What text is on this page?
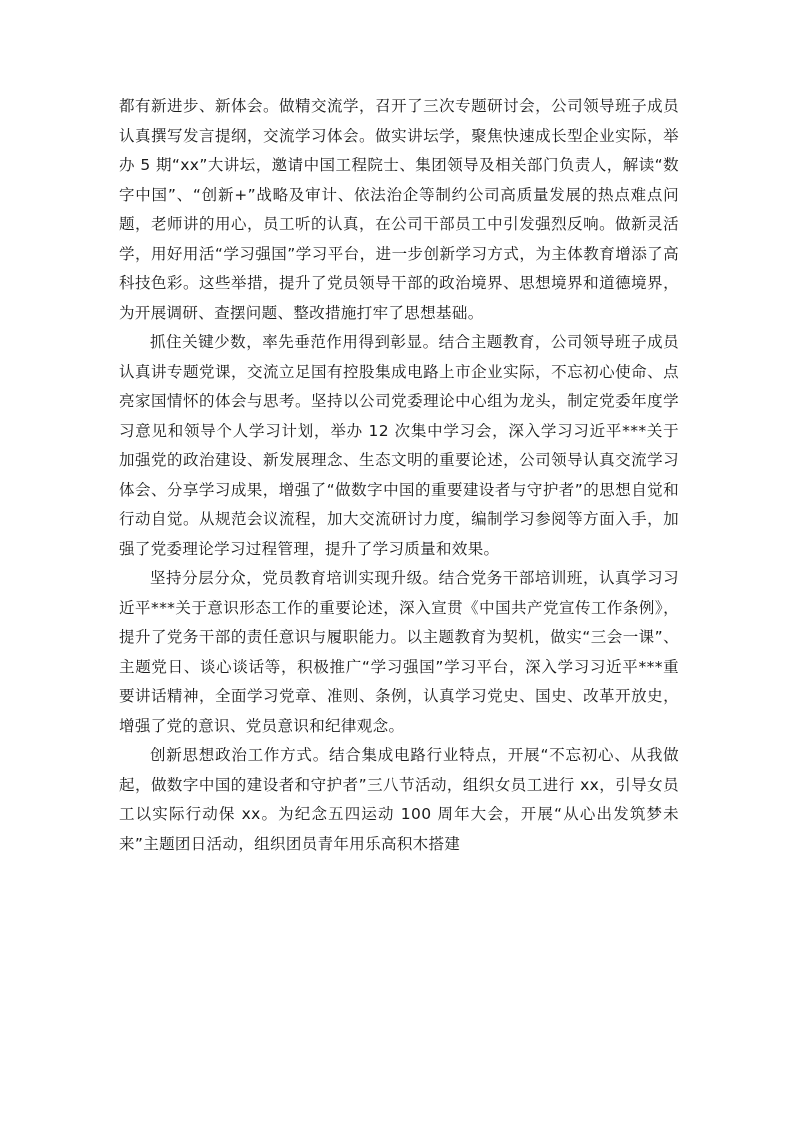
都有新进步、新体会。做精交流学，召开了三次专题研讨会，公司领导班子成员认真撰写发言提纲，交流学习体会。做实讲坛学，聚焦快速成长型企业实际，举办 5 期“xx”大讲坛，邀请中国工程院士、集团领导及相关部门负责人，解读“数字中国”、“创新+”战略及审计、依法治企等制约公司高质量发展的热点难点问题，老师讲的用心，员工听的认真，在公司干部员工中引发强烈反响。做新灵活学，用好用活“学习强国”学习平台，进一步创新学习方式，为主体教育增添了高科技色彩。这些举措，提升了党员领导干部的政治境界、思想境界和道德境界，为开展调研、查摆问题、整改措施打牢了思想基础。

抓住关键少数，率先垂范作用得到彰显。结合主题教育，公司领导班子成员认真讲专题党课，交流立足国有控股集成电路上市企业实际，不忘初心使命、点亮家国情怀的体会与思考。坚持以公司党委理论中心组为龙头，制定党委年度学习意见和领导个人学习计划，举办 12 次集中学习会，深入学习习近平***关于加强党的政治建设、新发展理念、生态文明的重要论述，公司领导认真交流学习体会、分享学习成果，增强了“做数字中国的重要建设者与守护者”的思想自觉和行动自觉。从规范会议流程，加大交流研讨力度，编制学习参阅等方面入手，加强了党委理论学习过程管理，提升了学习质量和效果。

坚持分层分众，党员教育培训实现升级。结合党务干部培训班，认真学习习近平***关于意识形态工作的重要论述，深入宣贯《中国共产党宣传工作条例》，提升了党务干部的责任意识与履职能力。以主题教育为契机，做实“三会一课”、主题党日、谈心谈话等，积极推广“学习强国”学习平台，深入学习习近平***重要讲话精神，全面学习党章、准则、条例，认真学习党史、国史、改革开放史，增强了党的意识、党员意识和纪律观念。

创新思想政治工作方式。结合集成电路行业特点，开展“不忘初心、从我做起，做数字中国的建设者和守护者”三八节活动，组织女员工进行 xx，引导女员工以实际行动保 xx。为纪念五四运动 100 周年大会，开展“从心出发筑梦未来”主题团日活动，组织团员青年用乐高积木搭建
